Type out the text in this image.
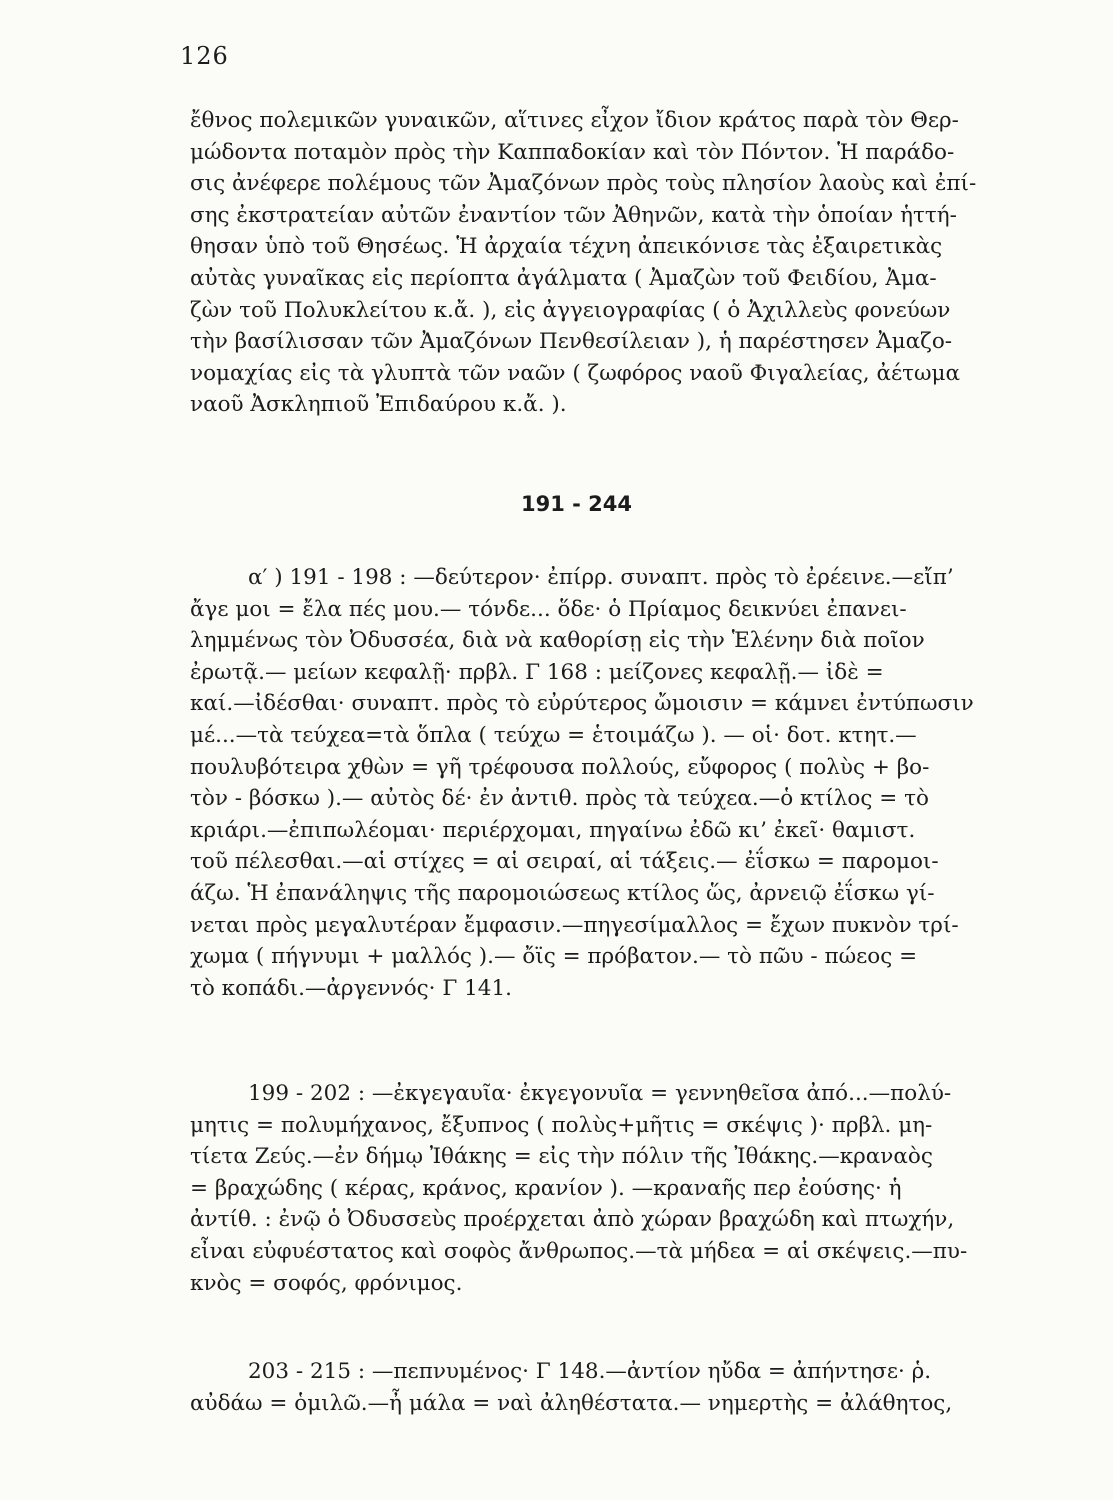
126
ἔθνος πολεμικῶν γυναικῶν, αἵτινες εἶχον ἴδιον κράτος παρὰ τὸν Θερ-
μώδοντα ποταμὸν πρὸς τὴν Καππαδοκίαν καὶ τὸν Πόντον. Ἡ παράδο-
σις ἀνέφερε πολέμους τῶν Ἀμαζόνων πρὸς τοὺς πλησίον λαοὺς καὶ ἐπί-
σης ἐκστρατείαν αὐτῶν ἐναντίον τῶν Ἀθηνῶν, κατὰ τὴν ὁποίαν ἡττή-
θησαν ὑπὸ τοῦ Θησέως. Ἡ ἀρχαία τέχνη ἀπεικόνισε τὰς ἐξαιρετικὰς
αὐτὰς γυναῖκας εἰς περίοπτα ἀγάλματα ( Ἀμαζὼν τοῦ Φειδίου, Ἀμα-
ζὼν τοῦ Πολυκλείτου κ.ἄ. ), εἰς ἀγγειογραφίας ( ὁ Ἀχιλλεὺς φονεύων
τὴν βασίλισσαν τῶν Ἀμαζόνων Πενθεσίλειαν ), ἡ παρέστησεν Ἀμαζο-
νομαχίας εἰς τὰ γλυπτὰ τῶν ναῶν ( ζωφόρος ναοῦ Φιγαλείας, ἀέτωμα
ναοῦ Ἀσκληπιοῦ Ἐπιδαύρου κ.ἄ. ).
191 - 244
α′ ) 191 - 198 : —δεύτερον· ἐπίρρ. συναπτ. πρὸς τὸ ἐρέεινε.—εἴπ’
ἄγε μοι = ἔλα πές μου.— τόνδε... ὅδε· ὁ Πρίαμος δεικνύει ἐπανει-
λημμένως τὸν Ὀδυσσέα, διὰ νὰ καθορίσῃ εἰς τὴν Ἑλένην διὰ ποῖον
ἐρωτᾷ.— μείων κεφαλῇ· πρβλ. Γ 168 : μείζονες κεφαλῇ.— ἰδὲ =
καί.—ἰδέσθαι· συναπτ. πρὸς τὸ εὐρύτερος ὤμοισιν = κάμνει ἐντύπωσιν
μέ...—τὰ τεύχεα=τὰ ὅπλα ( τεύχω = ἑτοιμάζω ). — οἱ· δοτ. κτητ.—
πουλυβότειρα χθὼν = γῆ τρέφουσα πολλούς, εὔφορος ( πολὺς + βο-
τὸν - βόσκω ).— αὐτὸς δέ· ἐν ἀντιθ. πρὸς τὰ τεύχεα.—ὁ κτίλος = τὸ
κριάρι.—ἐπιπωλέομαι· περιέρχομαι, πηγαίνω ἐδῶ κι’ ἐκεῖ· θαμιστ.
τοῦ πέλεσθαι.—αἱ στίχες = αἱ σειραί, αἱ τάξεις.— ἐΐσκω = παρομοι-
άζω. Ἡ ἐπανάληψις τῆς παρομοιώσεως κτίλος ὥς, ἀρνειῷ ἐΐσκω γί-
νεται πρὸς μεγαλυτέραν ἔμφασιν.—πηγεσίμαλλος = ἔχων πυκνὸν τρί-
χωμα ( πήγνυμι + μαλλός ).— ὄϊς = πρόβατον.— τὸ πῶυ - πώεος =
τὸ κοπάδι.—ἀργεννός· Γ 141.
199 - 202 : —ἐκγεγαυῖα· ἐκγεγονυῖα = γεννηθεῖσα ἀπό...—πολύ-
μητις = πολυμήχανος, ἔξυπνος ( πολὺς+μῆτις = σκέψις )· πρβλ. μη-
τίετα Ζεύς.—ἐν δήμῳ Ἰθάκης = εἰς τὴν πόλιν τῆς Ἰθάκης.—κραναὸς
= βραχώδης ( κέρας, κράνος, κρανίον ). —κραναῆς περ ἐούσης· ἡ
ἀντίθ. : ἐνῷ ὁ Ὀδυσσεὺς προέρχεται ἀπὸ χώραν βραχώδη καὶ πτωχήν,
εἶναι εὐφυέστατος καὶ σοφὸς ἄνθρωπος.—τὰ μήδεα = αἱ σκέψεις.—πυ-
κνὸς = σοφός, φρόνιμος.
203 - 215 : —πεπνυμένος· Γ 148.—ἀντίον ηὔδα = ἀπήντησε· ῥ.
αὐδάω = ὁμιλῶ.—ἦ μάλα = ναὶ ἀληθέστατα.— νημερτὴς = ἀλάθητος,
